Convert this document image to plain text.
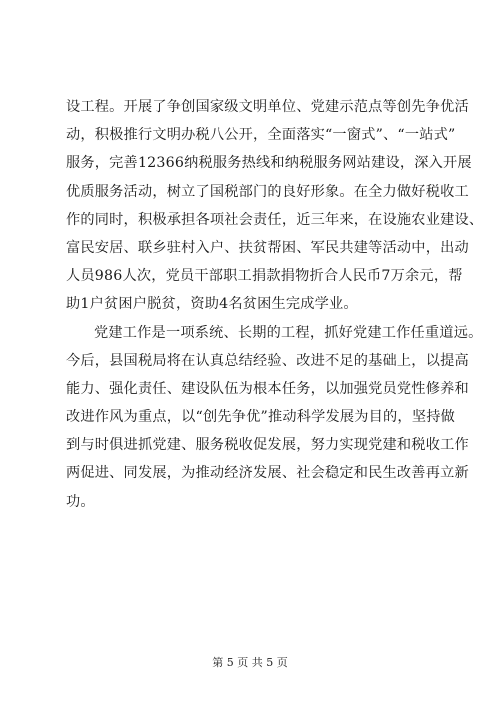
设工程。开展了争创国家级文明单位、党建示范点等创先争优活
动，积极推行文明办税八公开，全面落实“一窗式”、“一站式”
服务，完善12366纳税服务热线和纳税服务网站建设，深入开展
优质服务活动，树立了国税部门的良好形象。在全力做好税收工
作的同时，积极承担各项社会责任，近三年来，在设施农业建设、
富民安居、联乡驻村入户、扶贫帮困、军民共建等活动中，出动
人员986人次，党员干部职工捐款捐物折合人民币7万余元，帮
助1户贫困户脱贫，资助4名贫困生完成学业。
党建工作是一项系统、长期的工程，抓好党建工作任重道远。
今后，县国税局将在认真总结经验、改进不足的基础上，以提高
能力、强化责任、建设队伍为根本任务，以加强党员党性修养和
改进作风为重点，以“创先争优”推动科学发展为目的，坚持做
到与时俱进抓党建、服务税收促发展，努力实现党建和税收工作
两促进、同发展，为推动经济发展、社会稳定和民生改善再立新
功。
第 5 页 共 5 页
